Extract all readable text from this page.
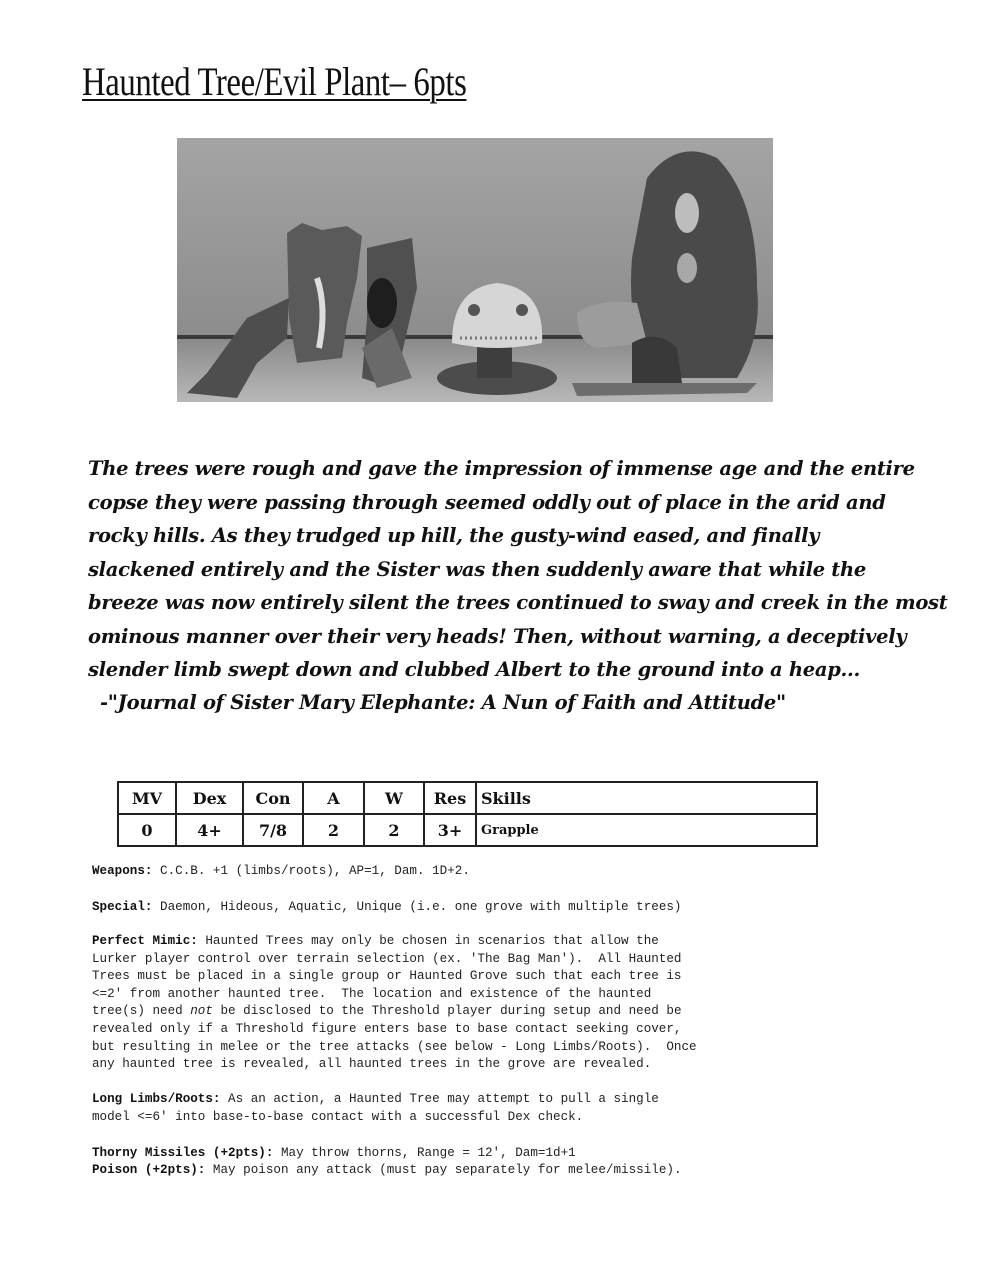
Haunted Tree/Evil Plant– 6pts
The trees were rough and gave the impression of immense age and the entire
copse they were passing through seemed oddly out of place in the arid and
rocky hills. As they trudged up hill, the gusty-wind eased, and finally
slackened entirely and the Sister was then suddenly aware that while the
breeze was now entirely silent the trees continued to sway and creek in the most
ominous manner over their very heads! Then, without warning, a deceptively
slender limb swept down and clubbed Albert to the ground into a heap...
-"Journal of Sister Mary Elephante: A Nun of Faith and Attitude"
MV	Dex	Con	A	W	Res	Skills
0	4+	7/8	2	2	3+	Grapple
Weapons: C.C.B. +1 (limbs/roots), AP=1, Dam. 1D+2.
Special: Daemon, Hideous, Aquatic, Unique (i.e. one grove with multiple trees)
Perfect Mimic: Haunted Trees may only be chosen in scenarios that allow the
Lurker player control over terrain selection (ex. 'The Bag Man').  All Haunted
Trees must be placed in a single group or Haunted Grove such that each tree is
<=2' from another haunted tree.  The location and existence of the haunted
tree(s) need not be disclosed to the Threshold player during setup and need be
revealed only if a Threshold figure enters base to base contact seeking cover,
but resulting in melee or the tree attacks (see below - Long Limbs/Roots).  Once
any haunted tree is revealed, all haunted trees in the grove are revealed.
Long Limbs/Roots: As an action, a Haunted Tree may attempt to pull a single
model <=6' into base-to-base contact with a successful Dex check.
Thorny Missiles (+2pts): May throw thorns, Range = 12', Dam=1d+1
Poison (+2pts): May poison any attack (must pay separately for melee/missile).
